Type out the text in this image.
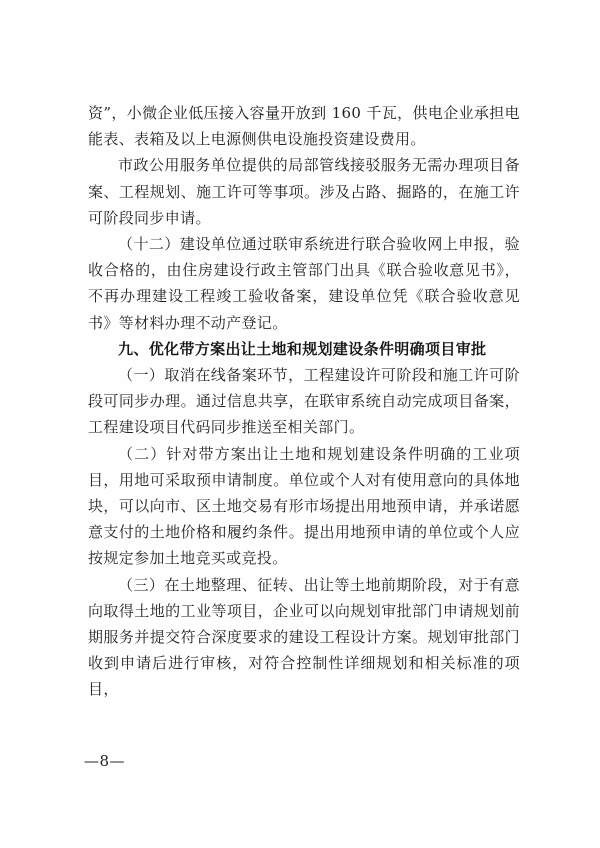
资”，小微企业低压接入容量开放到 160 千瓦，供电企业承担电能表、表箱及以上电源侧供电设施投资建设费用。

市政公用服务单位提供的局部管线接驳服务无需办理项目备案、工程规划、施工许可等事项。涉及占路、掘路的，在施工许可阶段同步申请。

（十二）建设单位通过联审系统进行联合验收网上申报，验收合格的，由住房建设行政主管部门出具《联合验收意见书》，不再办理建设工程竣工验收备案，建设单位凭《联合验收意见书》等材料办理不动产登记。

九、优化带方案出让土地和规划建设条件明确项目审批

（一）取消在线备案环节，工程建设许可阶段和施工许可阶段可同步办理。通过信息共享，在联审系统自动完成项目备案，工程建设项目代码同步推送至相关部门。

（二）针对带方案出让土地和规划建设条件明确的工业项目，用地可采取预申请制度。单位或个人对有使用意向的具体地块，可以向市、区土地交易有形市场提出用地预申请，并承诺愿意支付的土地价格和履约条件。提出用地预申请的单位或个人应按规定参加土地竞买或竞投。

（三）在土地整理、征转、出让等土地前期阶段，对于有意向取得土地的工业等项目，企业可以向规划审批部门申请规划前期服务并提交符合深度要求的建设工程设计方案。规划审批部门收到申请后进行审核，对符合控制性详细规划和相关标准的项目，

—8—
